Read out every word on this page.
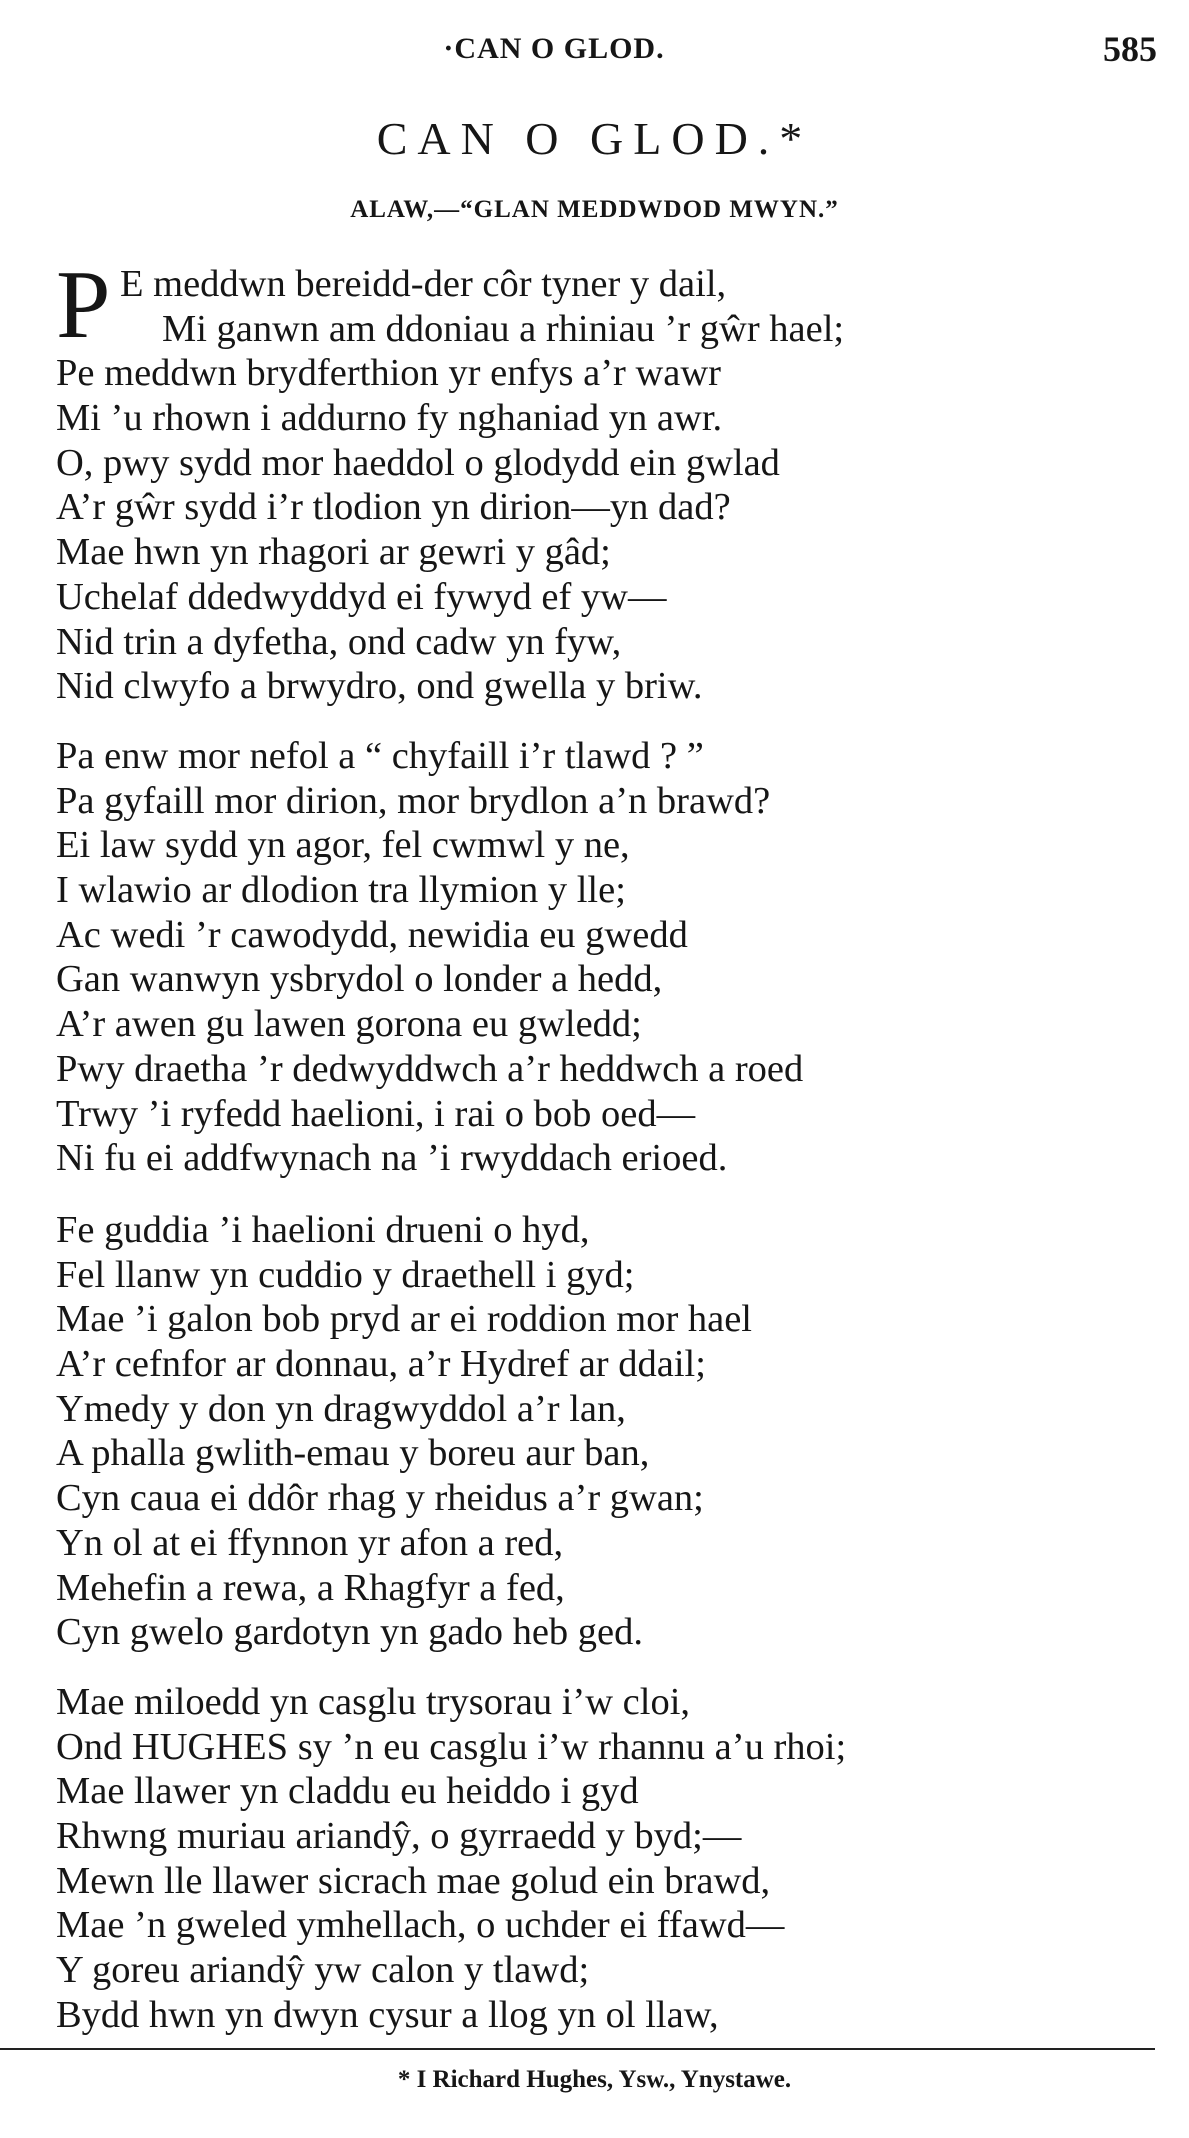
·CAN O GLOD.	585
CAN O GLOD.*
ALAW,—“GLAN MEDDWDOD MWYN.”
P E meddwn bereidd-der côr tyner y dail,
Mi ganwn am ddoniau a rhiniau ’r gŵr hael;
Pe meddwn brydferthion yr enfys a’r wawr
Mi ’u rhown i addurno fy nghaniad yn awr.
O, pwy sydd mor haeddol o glodydd ein gwlad
A’r gŵr sydd i’r tlodion yn dirion—yn dad?
Mae hwn yn rhagori ar gewri y gâd;
Uchelaf ddedwyddyd ei fywyd ef yw—
Nid trin a dyfetha, ond cadw yn fyw,
Nid clwyfo a brwydro, ond gwella y briw.
Pa enw mor nefol a “ chyfaill i’r tlawd ? ”
Pa gyfaill mor dirion, mor brydlon a’n brawd?
Ei law sydd yn agor, fel cwmwl y ne,
I wlawio ar dlodion tra llymion y lle;
Ac wedi ’r cawodydd, newidia eu gwedd
Gan wanwyn ysbrydol o londer a hedd,
A’r awen gu lawen gorona eu gwledd;
Pwy draetha ’r dedwyddwch a’r heddwch a roed
Trwy ’i ryfedd haelioni, i rai o bob oed—
Ni fu ei addfwynach na ’i rwyddach erioed.
Fe guddia ’i haelioni drueni o hyd,
Fel llanw yn cuddio y draethell i gyd;
Mae ’i galon bob pryd ar ei roddion mor hael
A’r cefnfor ar donnau, a’r Hydref ar ddail;
Ymedy y don yn dragwyddol a’r lan,
A phalla gwlith-emau y boreu aur ban,
Cyn caua ei ddôr rhag y rheidus a’r gwan;
Yn ol at ei ffynnon yr afon a red,
Mehefin a rewa, a Rhagfyr a fed,
Cyn gwelo gardotyn yn gado heb ged.
Mae miloedd yn casglu trysorau i’w cloi,
Ond HUGHES sy ’n eu casglu i’w rhannu a’u rhoi;
Mae llawer yn claddu eu heiddo i gyd
Rhwng muriau ariandŷ, o gyrraedd y byd;—
Mewn lle llawer sicrach mae golud ein brawd,
Mae ’n gweled ymhellach, o uchder ei ffawd—
Y goreu ariandŷ yw calon y tlawd;
Bydd hwn yn dwyn cysur a llog yn ol llaw,
* I Richard Hughes, Ysw., Ynystawe.
